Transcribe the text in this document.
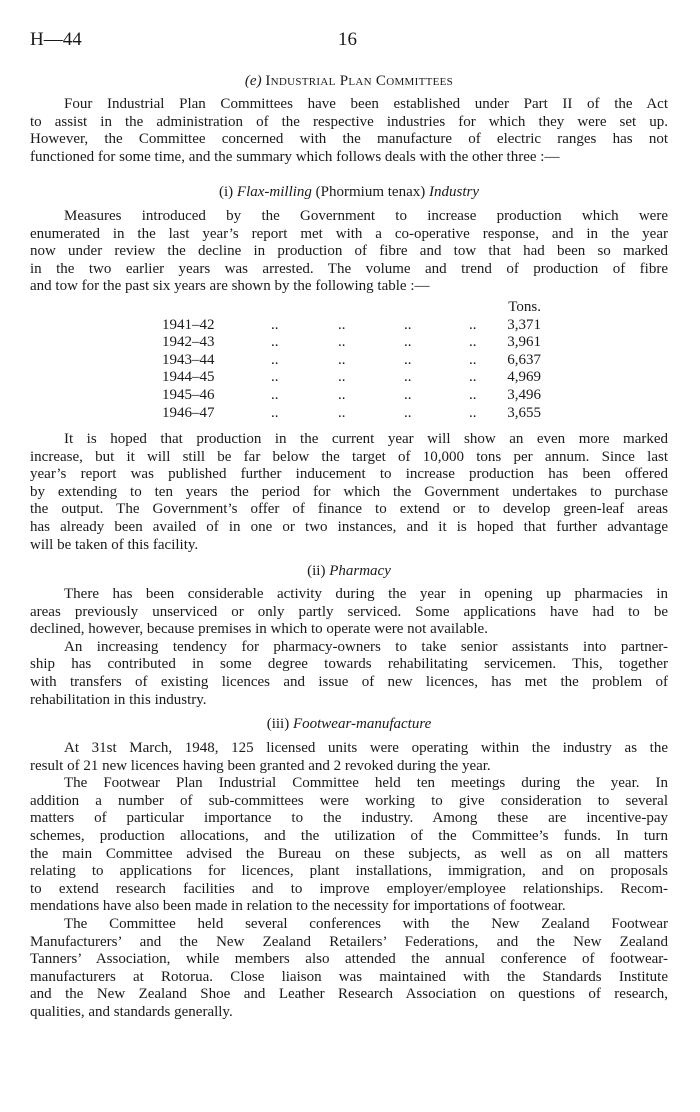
H—44	16
(e) Industrial Plan Committees
Four Industrial Plan Committees have been established under Part II of the Act
to assist in the administration of the respective industries for which they were set up.
However, the Committee concerned with the manufacture of electric ranges has not
functioned for some time, and the summary which follows deals with the other three :—
(i) Flax-milling (Phormium tenax) Industry
Measures introduced by the Government to increase production which were
enumerated in the last year’s report met with a co-operative response, and in the year
now under review the decline in production of fibre and tow that had been so marked
in the two earlier years was arrested. The volume and trend of production of fibre
and tow for the past six years are shown by the following table :—
Tons.
1941–42	..	..	..	..	3,371
1942–43	..	..	..	..	3,961
1943–44	..	..	..	..	6,637
1944–45	..	..	..	..	4,969
1945–46	..	..	..	..	3,496
1946–47	..	..	..	..	3,655
It is hoped that production in the current year will show an even more marked
increase, but it will still be far below the target of 10,000 tons per annum. Since last
year’s report was published further inducement to increase production has been offered
by extending to ten years the period for which the Government undertakes to purchase
the output. The Government’s offer of finance to extend or to develop green-leaf areas
has already been availed of in one or two instances, and it is hoped that further advantage
will be taken of this facility.
(ii) Pharmacy
There has been considerable activity during the year in opening up pharmacies in
areas previously unserviced or only partly serviced. Some applications have had to be
declined, however, because premises in which to operate were not available.
An increasing tendency for pharmacy-owners to take senior assistants into partner-
ship has contributed in some degree towards rehabilitating servicemen. This, together
with transfers of existing licences and issue of new licences, has met the problem of
rehabilitation in this industry.
(iii) Footwear-manufacture
At 31st March, 1948, 125 licensed units were operating within the industry as the
result of 21 new licences having been granted and 2 revoked during the year.
The Footwear Plan Industrial Committee held ten meetings during the year. In
addition a number of sub-committees were working to give consideration to several
matters of particular importance to the industry. Among these are incentive-pay
schemes, production allocations, and the utilization of the Committee’s funds. In turn
the main Committee advised the Bureau on these subjects, as well as on all matters
relating to applications for licences, plant installations, immigration, and on proposals
to extend research facilities and to improve employer/employee relationships. Recom-
mendations have also been made in relation to the necessity for importations of footwear.
The Committee held several conferences with the New Zealand Footwear
Manufacturers’ and the New Zealand Retailers’ Federations, and the New Zealand
Tanners’ Association, while members also attended the annual conference of footwear-
manufacturers at Rotorua. Close liaison was maintained with the Standards Institute
and the New Zealand Shoe and Leather Research Association on questions of research,
qualities, and standards generally.
